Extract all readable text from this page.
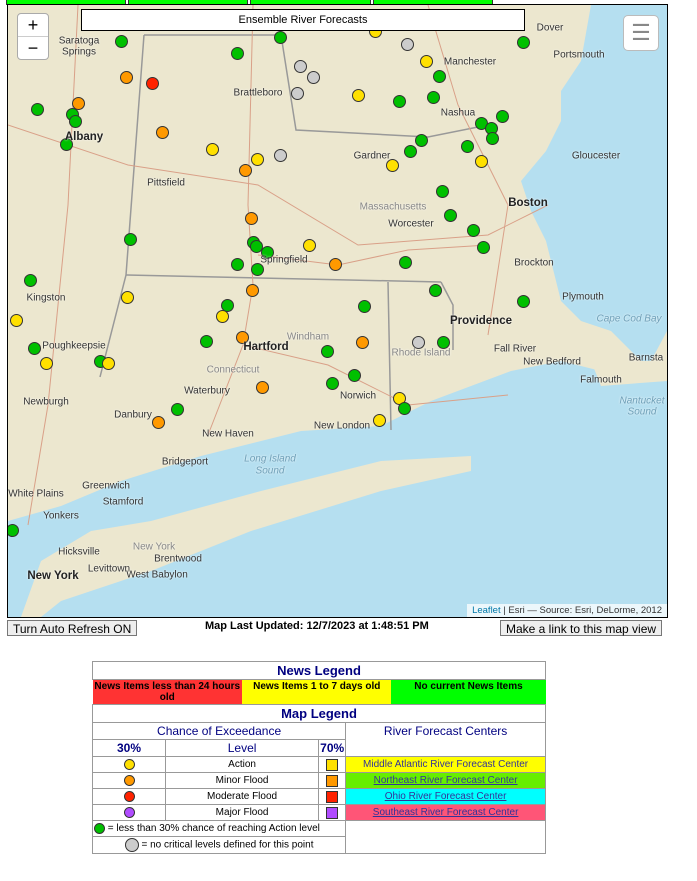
Dover
Saratoga
Springs	Portsmouth
Manchester
Brattleboro
Nashua
Albany
Gardner	Gloucester
Pittsfield
Massachusetts	Boston
Worcester
Springfield	Brockton
Kingston	Plymouth
Providence	Cape Cod Bay
Poughkeepsie	Hartford	Fall River
Rhode Island
New Bedford
Windham
Connecticut
Falmouth
Newburgh
Waterbury	Norwich	Nantucket
Sound
Danbury
New Haven
New London
Bridgeport	Long Island
Sound
Greenwich
White Plains
Stamford
Yonkers
New York
Hicksville
Brentwood
Levittown
West Babylon
New York
Barnsta
Ensemble River Forecasts
+
−
☰
Leaflet | Esri — Source: Esri, DeLorme, 2012
Turn Auto Refresh ON	Map Last Updated: 12/7/2023 at 1:48:51 PM	Make a link to this map view
News Legend

News Items less than 24 hours old	News Items 1 to 7 days old	No current News Items

Map Legend
Chance of Exceedance	River Forecast Centers
30%	Level	70%
	Action		Middle Atlantic River Forecast Center
	Minor Flood		Northeast River Forecast Center
	Moderate Flood		Ohio River Forecast Center
	Major Flood		Southeast River Forecast Center
= less than 30% chance of reaching Action level	
= no critical levels defined for this point
